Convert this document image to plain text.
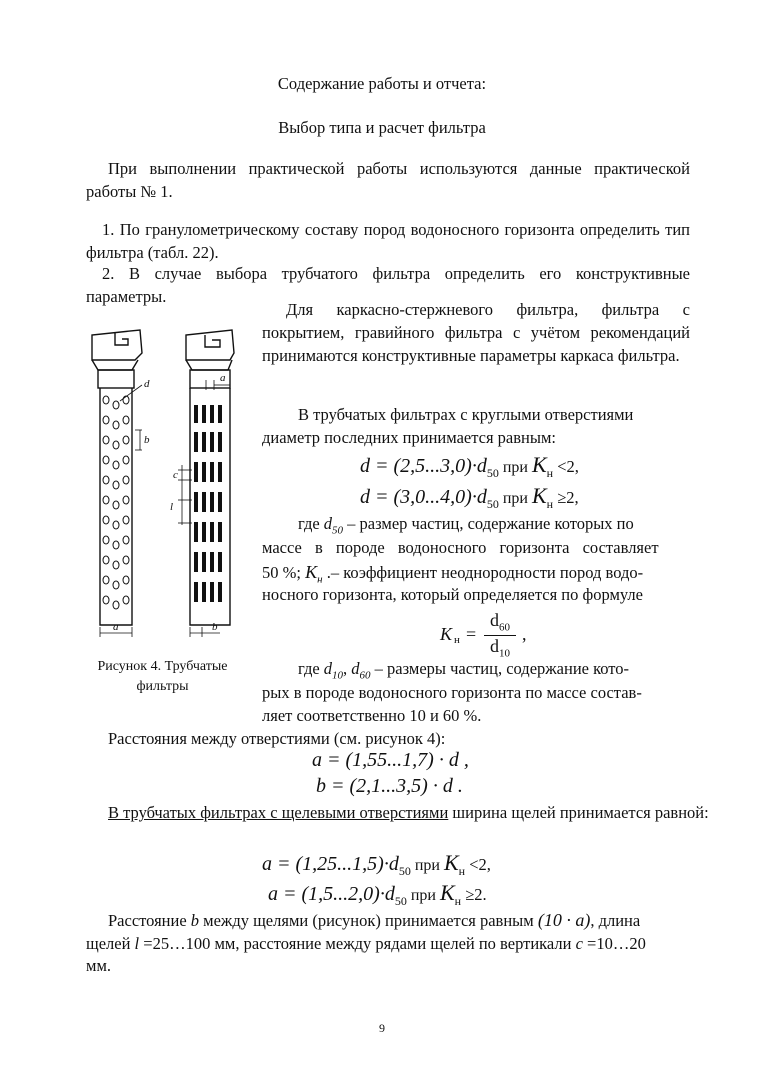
Содержание работы и отчета:
Выбор типа и расчет фильтра
При выполнении практической работы используются данные практической работы № 1.
1. По гранулометрическому составу пород водоносного горизонта определить тип фильтра (табл. 22).
2. В случае выбора трубчатого фильтра определить его конструктивные параметры.
Для каркасно-стержневого фильтра, фильтра с покрытием, гравийного фильтра с учётом рекомендаций принимаются конструктивные параметры каркаса фильтра.
В трубчатых фильтрах с круглыми отверстиями
диаметр последних принимается равным:
$d = (2,5...3,0)\cdot d_{50}$ при $K_н <2$,
$d = (3,0...4,0)\cdot d_{50}$ при $K_н \ge 2$,
где $d_{50}$ – размер частиц, содержание которых по
массе в породе водоносного горизонта составляет
50 %; $K_н$ .– коэффициент неоднородности пород водо-
носного горизонта, который определяется по формуле
K н =
$d_{60}$
$d_{10}$
,
d
b
c
l
a
a
b
Рисунок 4. Трубчатые фильтры
где $d_{10}$, $d_{60}$ – размеры частиц, содержание кото-
рых в породе водоносного горизонта по массе состав-
ляет соответственно 10 и 60 %.
Расстояния между отверстиями (см. рисунок 4):
a = (1,55...1,7) · d ,
b = (2,1...3,5) · d .
В трубчатых фильтрах с щелевыми отверстиями ширина щелей принимается равной:
$a = (1,25...1,5)\cdot d_{50}$ при $K_н <2$,
$a = (1,5...2,0)\cdot d_{50}$ при $K_н \ge 2$.
Расстояние b между щелями (рисунок) принимается равным (10 · a), длина
щелей l =25…100 мм, расстояние между рядами щелей по вертикали c =10…20
мм.
9
